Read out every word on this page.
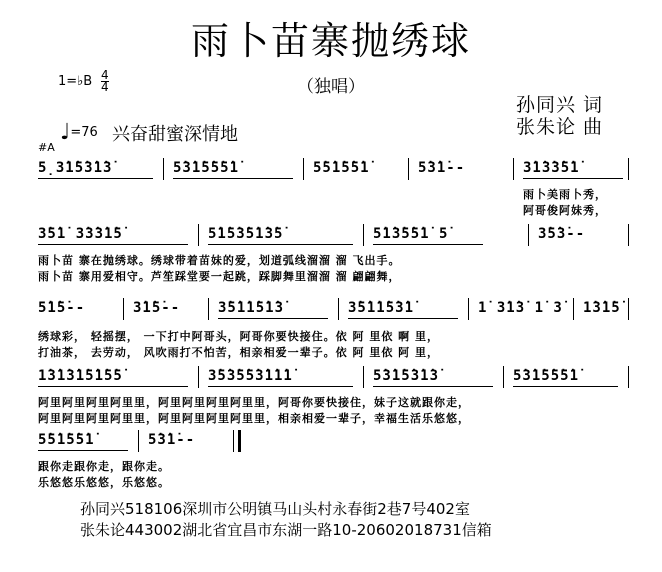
雨卜苗寨抛绣球
（独唱）
1=♭B 4
4
♩=76 兴奋甜蜜深情地
孙同兴 词
张朱论 曲
#A
5̣3̇1̇5̇3̇1̇3̇	5̇3̇1̇5̇5̇5̇1̇	5̇5̇1̇5̇5̇1̇	5̇3̇1̇--	3̇1̇3̇3̇5̇1̇
雨卜美雨卜秀，
阿哥俊阿妹秀，
3̇5̇1̇ 3̇3̇3̇1̇5̇	5̇1̇5̇3̇5̇1̇3̇5̇	5̇1̇3̇5̇5̇1̇ 5̇	3̇5̇3̇--
雨卜苗 寨在抛绣球。绣球带着苗妹的爱，划道弧线溜溜 溜 飞出手。
雨卜苗 寨用爱相守。芦笙踩堂要一起跳，踩脚舞里溜溜 溜 翩翩舞，
5̇1̇5̇--	3̇1̇5̇--	3̇5̇1̇1̇5̇1̇3̇	3̇5̇1̇1̇5̇3̇1̇	1̇ 3̇1̇3̇ 1̇ 3̇ 1̇3̇1̇5̇
绣球彩， 轻摇摆， 一下打中阿哥头，阿哥你要快接住。依 阿 里依 啊 里，
打油茶， 去劳动， 风吹雨打不怕苦，相亲相爱一辈子。依 阿 里依 阿 里，
1̇3̇1̇3̇1̇5̇1̇5̇5̇	3̇5̇3̇5̇5̇3̇1̇1̇1̇	5̇3̇1̇5̇3̇1̇3̇	5̇3̇1̇5̇5̇5̇1̇
阿里阿里阿里阿里里，阿里阿里阿里阿里里，阿哥你要快接住，妹子这就跟你走，
阿里阿里阿里阿里里，阿里阿里阿里阿里里，相亲相爱一辈子，幸福生活乐悠悠，
5̇5̇1̇5̇5̇1̇	5̇3̇1̇--
跟你走跟你走，跟你走。
乐悠悠乐悠悠，乐悠悠。
孙同兴518106深圳市公明镇马山头村永春街2巷7号402室
张朱论443002湖北省宜昌市东湖一路10-20602018731信箱
